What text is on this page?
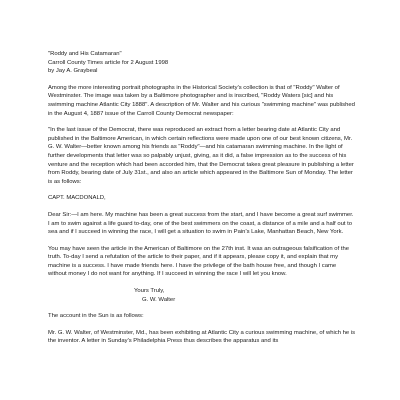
"Roddy and His Catamaran"

Carroll County Times article for 2 August 1998

by Jay A. Graybeal

Among the more interesting portrait photographs in the Historical Society's collection is that of "Roddy" Walter of Westminster. The image was taken by a Baltimore photographer and is inscribed, "Roddy Waters [sic] and his swimming machine Atlantic City 1888". A description of Mr. Walter and his curious "swimming machine" was published in the August 4, 1887 issue of the Carroll County Democrat newspaper:

"In the last issue of the Democrat, there was reproduced an extract from a letter bearing date at Atlantic City and published in the Baltimore American, in which certain reflections were made upon one of our best known citizens, Mr. G. W. Walter—better known among his friends as "Roddy"—and his catamaran swimming machine. In the light of further developments that letter was so palpably unjust, giving, as it did, a false impression as to the success of his venture and the reception which had been accorded him, that the Democrat takes great pleasure in publishing a letter from Roddy, bearing date of July 31st., and also an article which appeared in the Baltimore Sun of Monday. The letter is as follows:

CAPT. MACDONALD,

Dear Sir:—I am here. My machine has been a great success from the start, and I have become a great surf swimmer. I am to swim against a life guard to-day, one of the best swimmers on the coast, a distance of a mile and a half out to sea and if I succeed in winning the race, I will get a situation to swim in Pain's Lake, Manhattan Beach, New York.

You may have seen the article in the American of Baltimore on the 27th inst. It was an outrageous falsification of the truth. To-day I send a refutation of the article to their paper, and if it appears, please copy it, and explain that my machine is a success. I have made friends here. I have the privilege of the bath house free, and though I came without money I do not want for anything. If I succeed in winning the race I will let you know.

Yours Truly,

G. W. Walter

The account in the Sun is as follows:

Mr. G. W. Walter, of Westminster, Md., has been exhibiting at Atlantic City a curious swimming machine, of which he is the inventor. A letter in Sunday's Philadelphia Press thus describes the apparatus and its
